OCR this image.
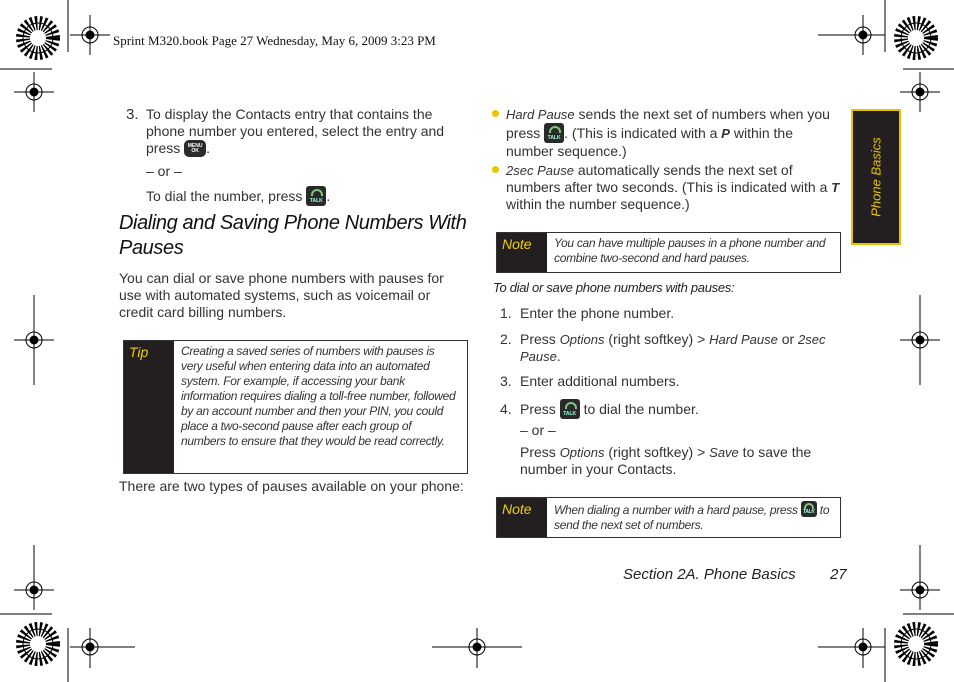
Sprint M320.book Page 27 Wednesday, May 6, 2009 3:23 PM
Phone Basics
3. To display the Contacts entry that contains the phone number you entered, select the entry and press	MENU OK .
– or –
To dial the number, press	TALK .
Dialing and Saving Phone Numbers With Pauses
You can dial or save phone numbers with pauses for use with automated systems, such as voicemail or credit card billing numbers.
Tip	Creating a saved series of numbers with pauses is very useful when entering data into an automated system. For example, if accessing your bank information requires dialing a toll-free number, followed by an account number and then your PIN, you could place a two-second pause after each group of numbers to ensure that they would be read correctly.
There are two types of pauses available on your phone:
Hard Pause sends the next set of numbers when you press	TALK . (This is indicated with a P within the number sequence.)
2sec Pause automatically sends the next set of numbers after two seconds. (This is indicated with a T within the number sequence.)
Note	You can have multiple pauses in a phone number and combine two-second and hard pauses.
To dial or save phone numbers with pauses:
1. Enter the phone number.
2. Press Options (right softkey) > Hard Pause or 2sec Pause.
3. Enter additional numbers.
4. Press	TALK to dial the number.
– or –
Press Options (right softkey) > Save to save the number in your Contacts.
Note	When dialing a number with a hard pause, press	TALK to send the next set of numbers.
Section 2A. Phone Basics 27
